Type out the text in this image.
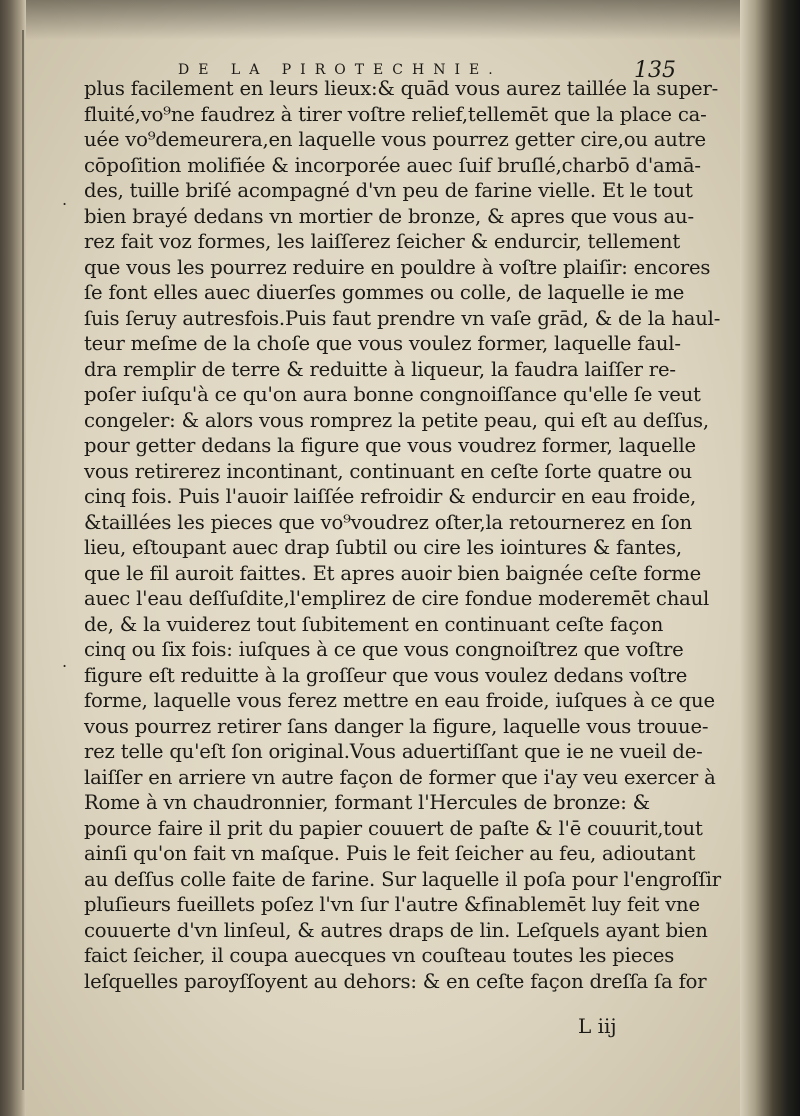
.
.
DE LA PIROTECHNIE.	135
plus facilement en leurs lieux:& quād vous aurez taillée la super-
fluité,vo⁹ne faudrez à tirer voſtre relief,tellemēt que la place ca-
uée vo⁹demeurera,en laquelle vous pourrez getter cire,ou autre
cōpoſition molifiée & incorporée auec ſuif bruſlé,charbō d'amā-
des, tuille briſé acompagné d'vn peu de farine vielle. Et le tout
bien brayé dedans vn mortier de bronze, & apres que vous au-
rez fait voz formes, les laiſſerez ſeicher & endurcir, tellement
que vous les pourrez reduire en pouldre à voſtre plaiſir: encores
ſe font elles auec diuerſes gommes ou colle, de laquelle ie me
ſuis ſeruy autresfois.Puis faut prendre vn vaſe grād, & de la haul-
teur meſme de la choſe que vous voulez former, laquelle faul-
dra remplir de terre & reduitte à liqueur, la faudra laiſſer re-
poſer iuſqu'à ce qu'on aura bonne congnoiſſance qu'elle ſe veut
congeler: & alors vous romprez la petite peau, qui eſt au deſſus,
pour getter dedans la figure que vous voudrez former, laquelle
vous retirerez incontinant, continuant en ceſte ſorte quatre ou
cinq fois. Puis l'auoir laiſſée refroidir & endurcir en eau froide,
&taillées les pieces que vo⁹voudrez oſter,la retournerez en ſon
lieu, eſtoupant auec drap ſubtil ou cire les iointures & fantes,
que le fil auroit faittes. Et apres auoir bien baignée ceſte forme
auec l'eau deſſuſdite,l'emplirez de cire fondue moderemēt chaul
de, & la vuiderez tout ſubitement en continuant ceſte façon
cinq ou ſix fois: iuſques à ce que vous congnoiſtrez que voſtre
figure eſt reduitte à la groſſeur que vous voulez dedans voſtre
forme, laquelle vous ferez mettre en eau froide, iuſques à ce que
vous pourrez retirer ſans danger la figure, laquelle vous trouue-
rez telle qu'eſt ſon original.Vous aduertiſſant que ie ne vueil de-
laiſſer en arriere vn autre façon de former que i'ay veu exercer à
Rome à vn chaudronnier, formant l'Hercules de bronze: &
pource faire il prit du papier couuert de paſte & l'ē couurit,tout
ainſi qu'on fait vn maſque. Puis le feit ſeicher au feu, adioutant
au deſſus colle faite de farine. Sur laquelle il poſa pour l'engroſſir
pluſieurs fueillets poſez l'vn ſur l'autre &finablemēt luy feit vne
couuerte d'vn linſeul, & autres draps de lin. Leſquels ayant bien
faict ſeicher, il coupa auecques vn couſteau toutes les pieces
leſquelles paroyſſoyent au dehors: & en ceſte façon dreſſa ſa for
L iij
